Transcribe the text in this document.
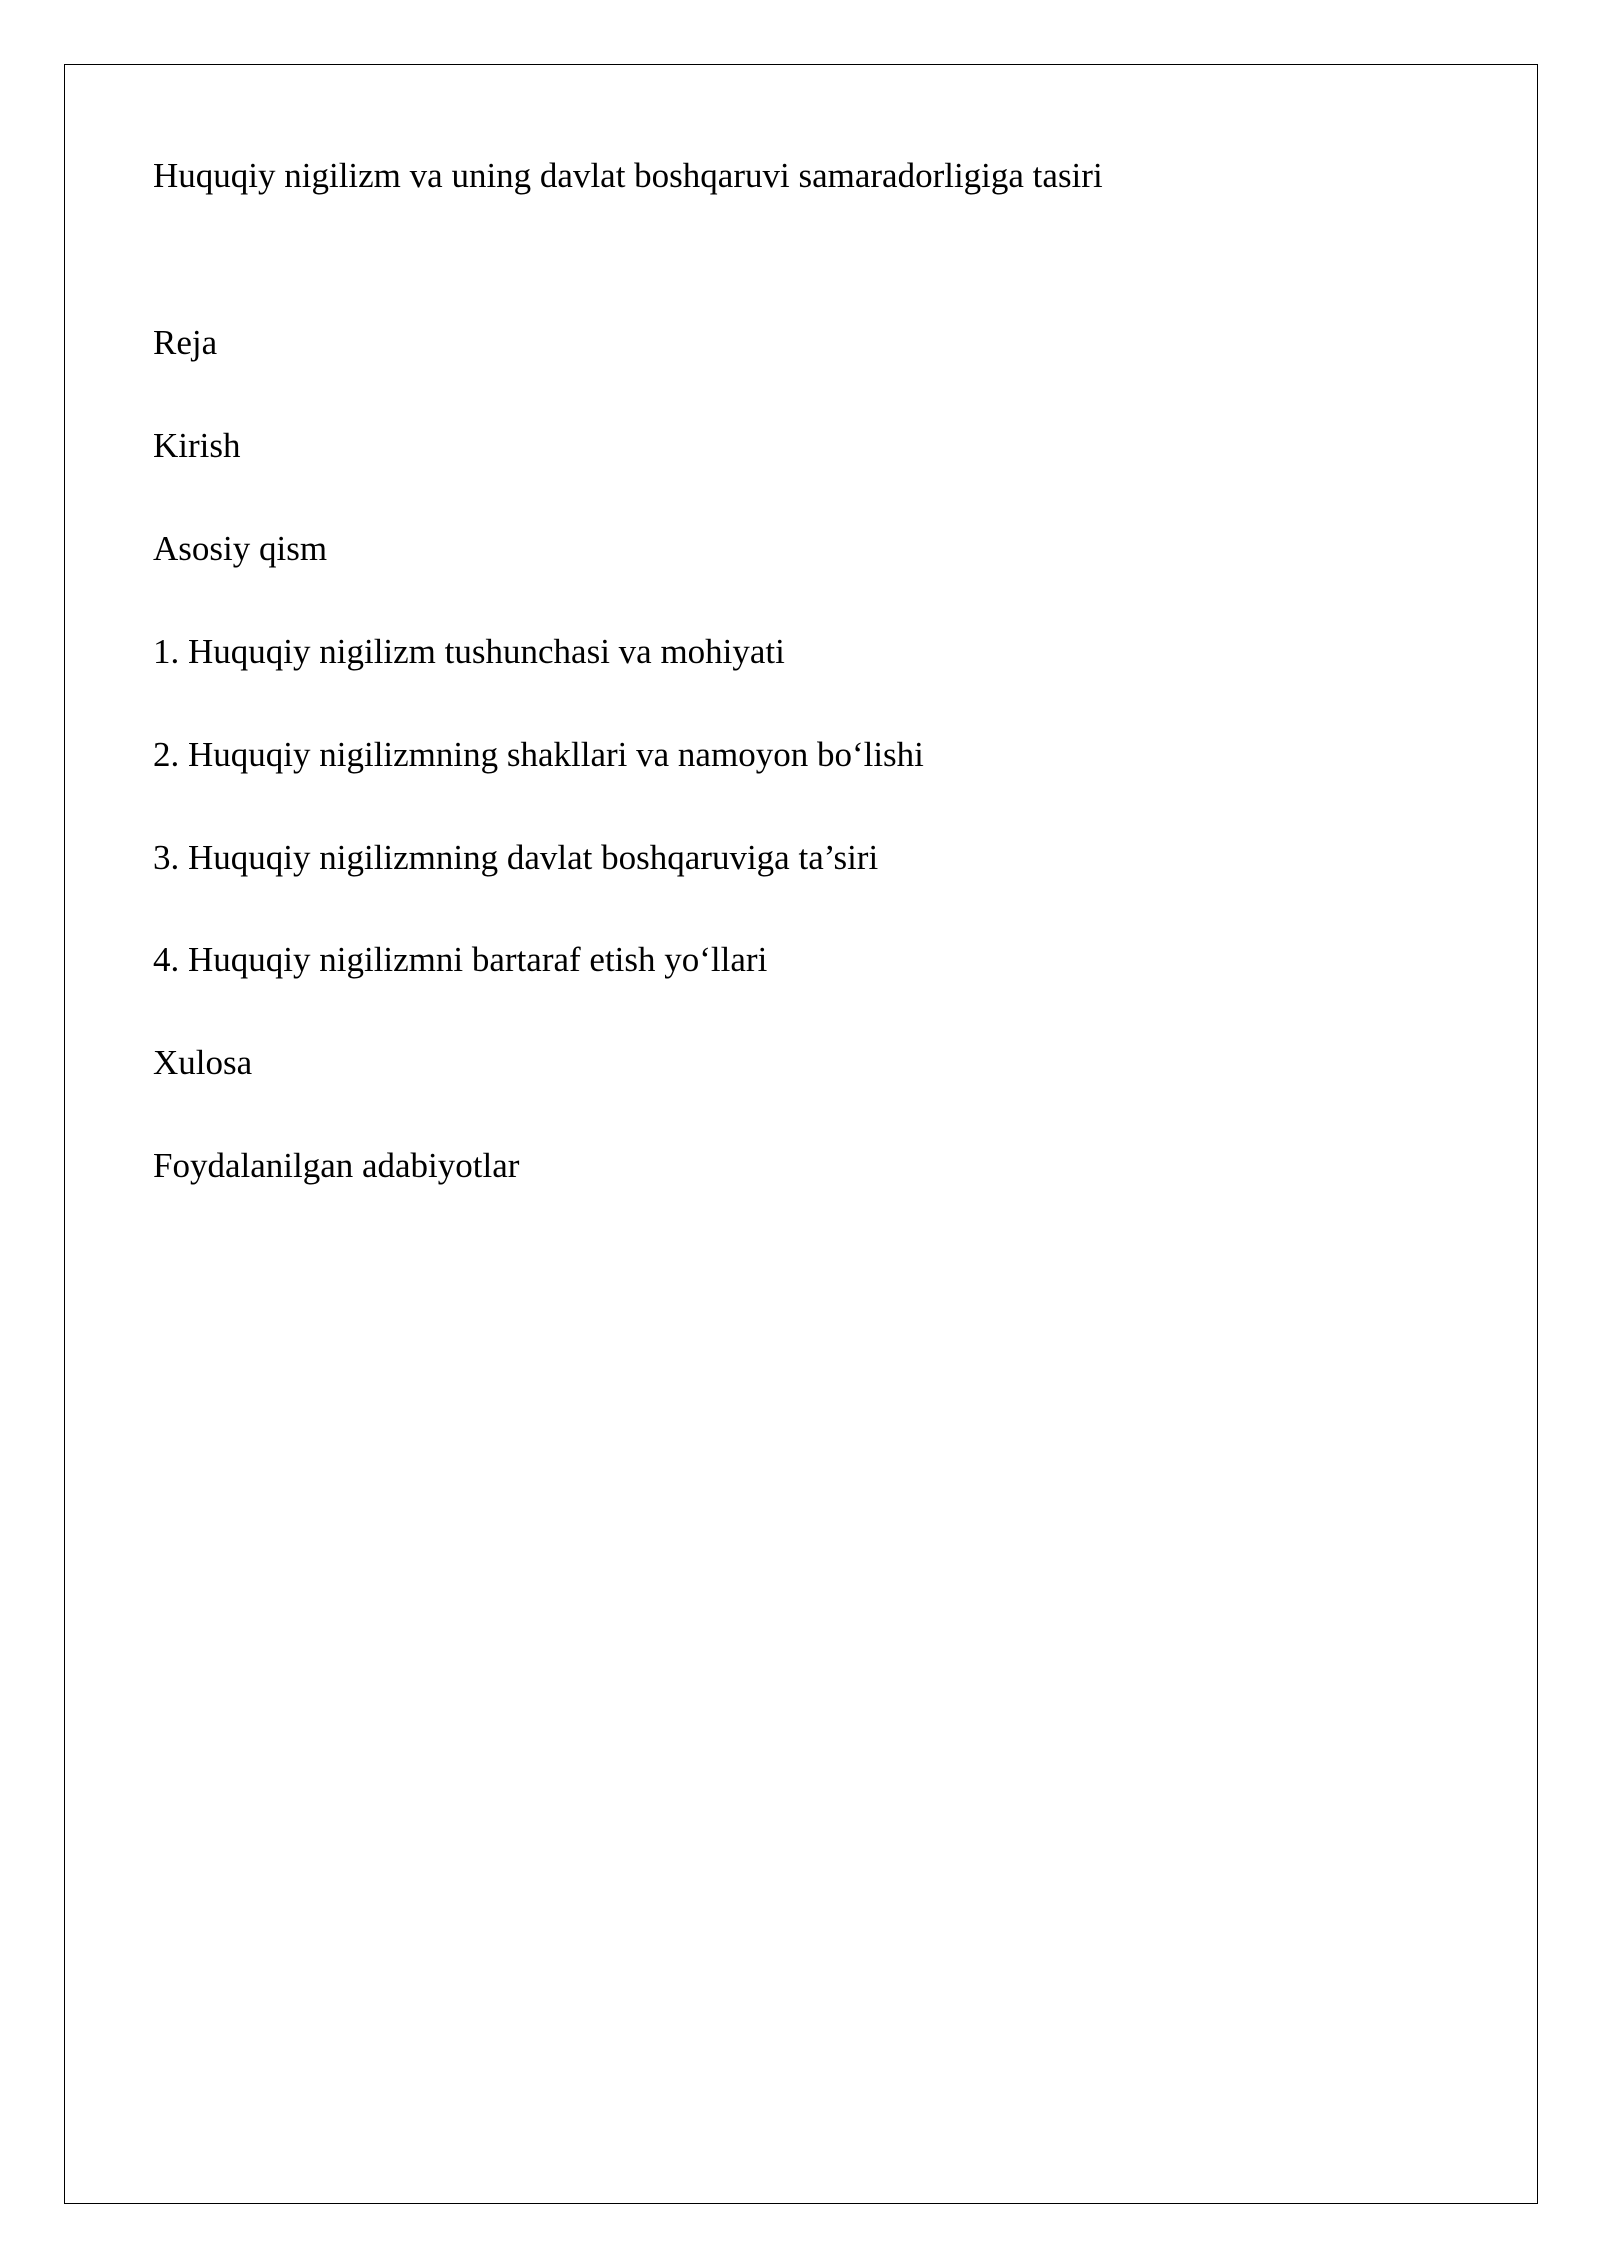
Huquqiy nigilizm va uning davlat boshqaruvi samaradorligiga tasiri
Reja
Kirish
Asosiy qism
1. Huquqiy nigilizm tushunchasi va mohiyati
2. Huquqiy nigilizmning shakllari va namoyon bo‘lishi
3. Huquqiy nigilizmning davlat boshqaruviga ta’siri
4. Huquqiy nigilizmni bartaraf etish yo‘llari
Xulosa
Foydalanilgan adabiyotlar
